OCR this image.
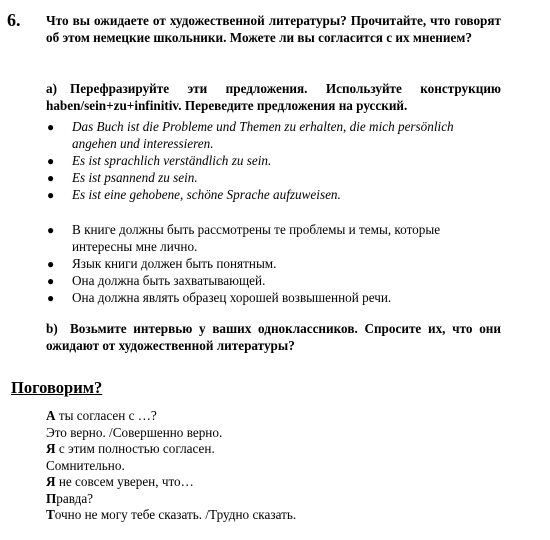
6. Что вы ожидаете от художественной литературы? Прочитайте, что говорят об этом немецкие школьники. Можете ли вы согласится с их мнением?
a) Перефразируйте эти предложения. Используйте конструкцию haben/sein+zu+infinitiv. Переведите предложения на русский.
● Das Buch ist die Probleme und Themen zu erhalten, die mich persönlich angehen und interessieren.
● Es ist sprachlich verständlich zu sein.
● Es ist psannend zu sein.
● Es ist eine gehobene, schöne Sprache aufzuweisen.
● В книге должны быть рассмотрены те проблемы и темы, которые интересны мне лично.
● Язык книги должен быть понятным.
● Она должна быть захватывающей.
● Она должна являть образец хорошей возвышенной речи.
b) Возьмите интервью у ваших одноклассников. Спросите их, что они ожидают от художественной литературы?
Поговорим?
А ты согласен с …?
Это верно. /Совершенно верно.
Я с этим полностью согласен.
Сомнительно.
Я не совсем уверен, что…
Правда?
Точно не могу тебе сказать. /Трудно сказать.
